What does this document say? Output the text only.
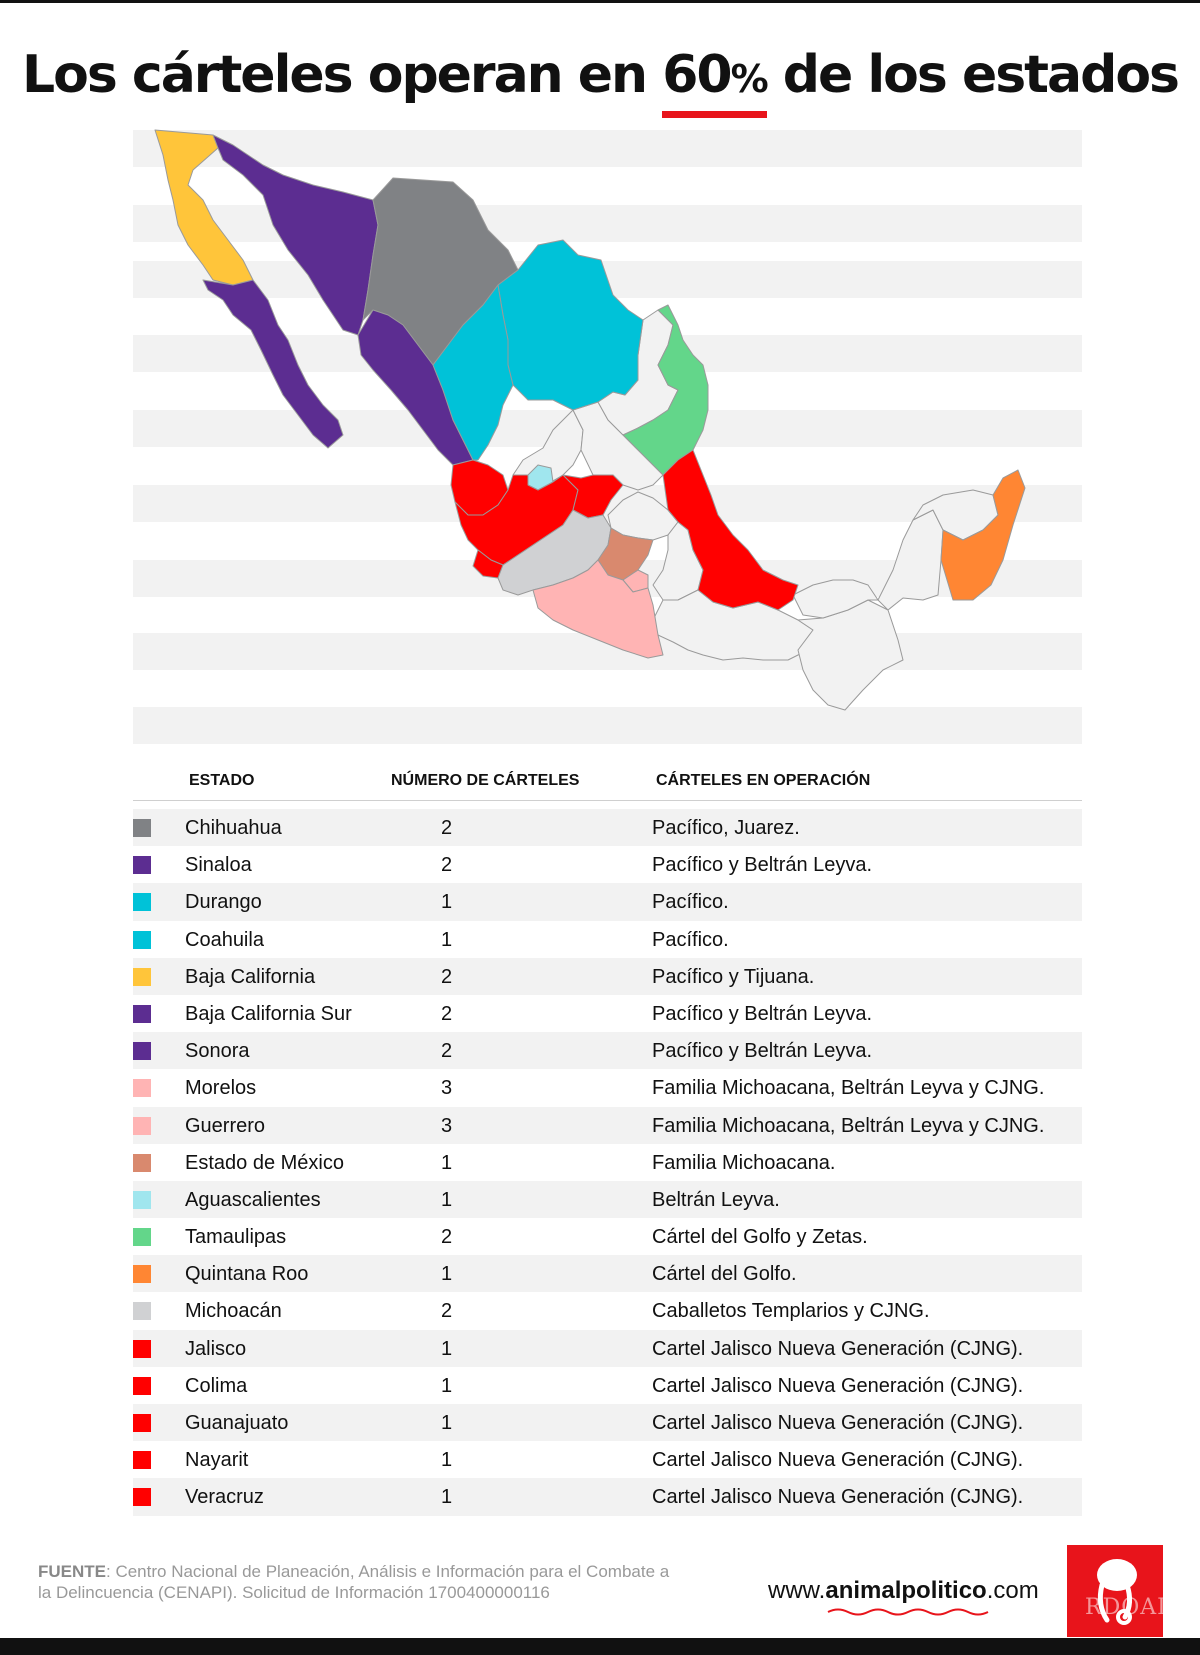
Los cárteles operan en 60% de los estados
ESTADO	NÚMERO DE CÁRTELES	CÁRTELES EN OPERACIÓN
Chihuahua	2	Pacífico, Juarez.
Sinaloa	2	Pacífico y Beltrán Leyva.
Durango	1	Pacífico.
Coahuila	1	Pacífico.
Baja California	2	Pacífico y Tijuana.
Baja California Sur	2	Pacífico y Beltrán Leyva.
Sonora	2	Pacífico y Beltrán Leyva.
Morelos	3	Familia Michoacana, Beltrán Leyva y CJNG.
Guerrero	3	Familia Michoacana, Beltrán Leyva y CJNG.
Estado de México	1	Familia Michoacana.
Aguascalientes	1	Beltrán Leyva.
Tamaulipas	2	Cártel del Golfo y Zetas.
Quintana Roo	1	Cártel del Golfo.
Michoacán	2	Caballetos Templarios y CJNG.
Jalisco	1	Cartel Jalisco Nueva Generación (CJNG).
Colima	1	Cartel Jalisco Nueva Generación (CJNG).
Guanajuato	1	Cartel Jalisco Nueva Generación (CJNG).
Nayarit	1	Cartel Jalisco Nueva Generación (CJNG).
Veracruz	1	Cartel Jalisco Nueva Generación (CJNG).
FUENTE: Centro Nacional de Planeación, Análisis e Información para el Combate a la Delincuencia (CENAPI). Solicitud de Información 1700400000116	www.animalpolitico.com
RDOAIM
